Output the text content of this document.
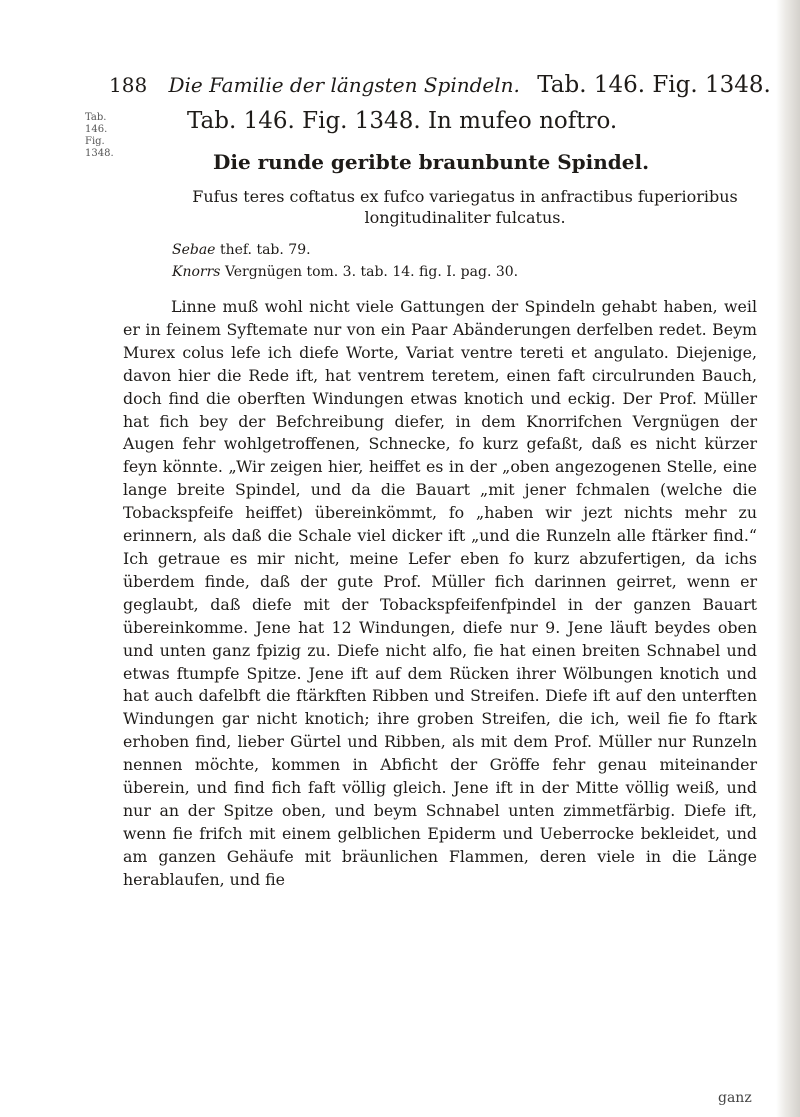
188 Die Familie der längsten Spindeln. Tab. 146. Fig. 1348.
Tab. 146. Fig. 1348.
Tab. 146. Fig. 1348. In mufeo noftro.
Die runde geribte braunbunte Spindel.
Fufus teres coftatus ex fufco variegatus in anfractibus fuperioribus longitudinaliter fulcatus.
Sebae thef. tab. 79.
Knorrs Vergnügen tom. 3. tab. 14. fig. I. pag. 30.

Linne muß wohl nicht viele Gattungen der Spindeln gehabt haben, weil er in feinem Syftemate nur von ein Paar Abänderungen derfelben redet. Beym Murex colus lefe ich diefe Worte, Variat ventre tereti et angulato. Diejenige, davon hier die Rede ift, hat ventrem teretem, einen faft circulrunden Bauch, doch find die oberften Windungen etwas knotich und eckig. Der Prof. Müller hat fich bey der Befchreibung diefer, in dem Knorrifchen Vergnügen der Augen fehr wohlgetroffenen, Schnecke, fo kurz gefaßt, daß es nicht kürzer feyn könnte. „Wir zeigen hier, heiffet es in der „oben angezogenen Stelle, eine lange breite Spindel, und da die Bauart „mit jener fchmalen (welche die Tobackspfeife heiffet) übereinkömmt, fo „haben wir jezt nichts mehr zu erinnern, als daß die Schale viel dicker ift „und die Runzeln alle ftärker find.“ Ich getraue es mir nicht, meine Lefer eben fo kurz abzufertigen, da ichs überdem finde, daß der gute Prof. Müller fich darinnen geirret, wenn er geglaubt, daß diefe mit der Tobackspfeifenfpindel in der ganzen Bauart übereinkomme. Jene hat 12 Windungen, diefe nur 9. Jene läuft beydes oben und unten ganz fpizig zu. Diefe nicht alfo, fie hat einen breiten Schnabel und etwas ftumpfe Spitze. Jene ift auf dem Rücken ihrer Wölbungen knotich und hat auch dafelbft die ftärkften Ribben und Streifen. Diefe ift auf den unterften Windungen gar nicht knotich; ihre groben Streifen, die ich, weil fie fo ftark erhoben find, lieber Gürtel und Ribben, als mit dem Prof. Müller nur Runzeln nennen möchte, kommen in Abficht der Gröffe fehr genau miteinander überein, und find fich faft völlig gleich. Jene ift in der Mitte völlig weiß, und nur an der Spitze oben, und beym Schnabel unten zimmetfärbig. Diefe ift, wenn fie frifch mit einem gelblichen Epiderm und Ueberrocke bekleidet, und am ganzen Gehäufe mit bräunlichen Flammen, deren viele in die Länge herablaufen, und fie

ganz
